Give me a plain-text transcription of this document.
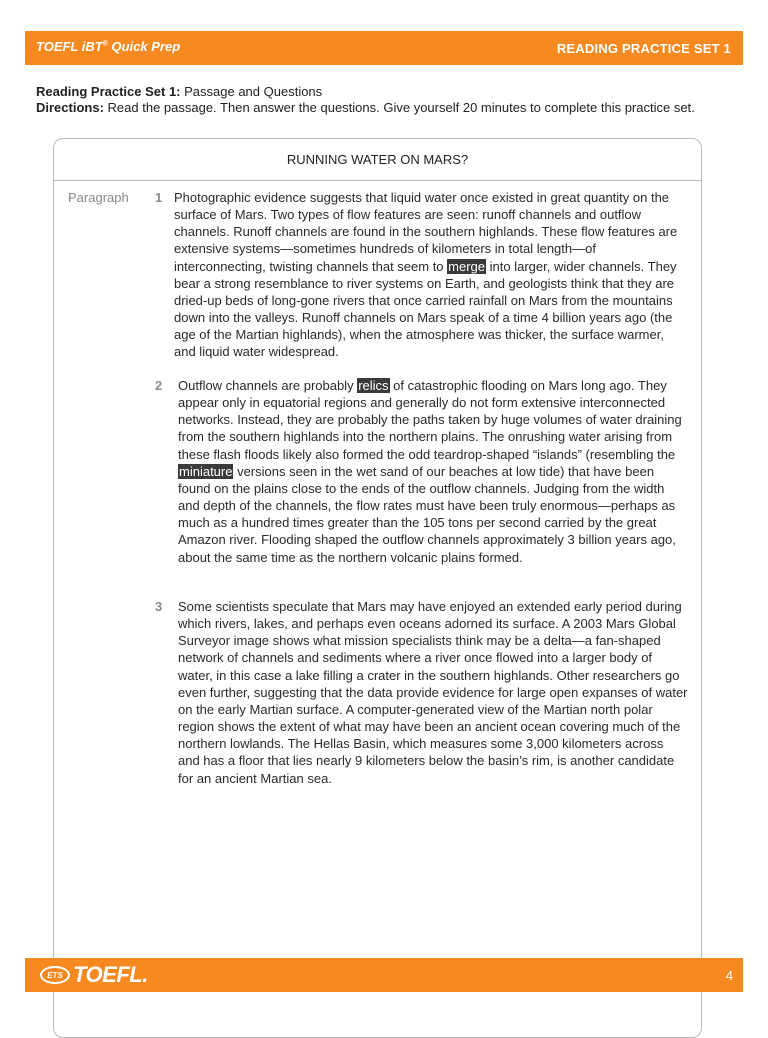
TOEFL iBT® Quick Prep	READING PRACTICE SET 1
Reading Practice Set 1: Passage and Questions
Directions: Read the passage. Then answer the questions. Give yourself 20 minutes to complete this practice set.
RUNNING WATER ON MARS?
Paragraph 1 Photographic evidence suggests that liquid water once existed in great quantity on the surface of Mars. Two types of flow features are seen: runoff channels and outflow channels. Runoff channels are found in the southern highlands. These flow features are extensive systems—sometimes hundreds of kilometers in total length—of interconnecting, twisting channels that seem to merge into larger, wider channels. They bear a strong resemblance to river systems on Earth, and geologists think that they are dried-up beds of long-gone rivers that once carried rainfall on Mars from the mountains down into the valleys. Runoff channels on Mars speak of a time 4 billion years ago (the age of the Martian highlands), when the atmosphere was thicker, the surface warmer, and liquid water widespread.
2 Outflow channels are probably relics of catastrophic flooding on Mars long ago. They appear only in equatorial regions and generally do not form extensive interconnected networks. Instead, they are probably the paths taken by huge volumes of water draining from the southern highlands into the northern plains. The onrushing water arising from these flash floods likely also formed the odd teardrop-shaped “islands” (resembling the miniature versions seen in the wet sand of our beaches at low tide) that have been found on the plains close to the ends of the outflow channels. Judging from the width and depth of the channels, the flow rates must have been truly enormous—perhaps as much as a hundred times greater than the 105 tons per second carried by the great Amazon river. Flooding shaped the outflow channels approximately 3 billion years ago, about the same time as the northern volcanic plains formed.
3 Some scientists speculate that Mars may have enjoyed an extended early period during which rivers, lakes, and perhaps even oceans adorned its surface. A 2003 Mars Global Surveyor image shows what mission specialists think may be a delta—a fan-shaped network of channels and sediments where a river once flowed into a larger body of water, in this case a lake filling a crater in the southern highlands. Other researchers go even further, suggesting that the data provide evidence for large open expanses of water on the early Martian surface. A computer-generated view of the Martian north polar region shows the extent of what may have been an ancient ocean covering much of the northern lowlands. The Hellas Basin, which measures some 3,000 kilometers across and has a floor that lies nearly 9 kilometers below the basin’s rim, is another candidate for an ancient Martian sea.
ETS TOEFL.	4
